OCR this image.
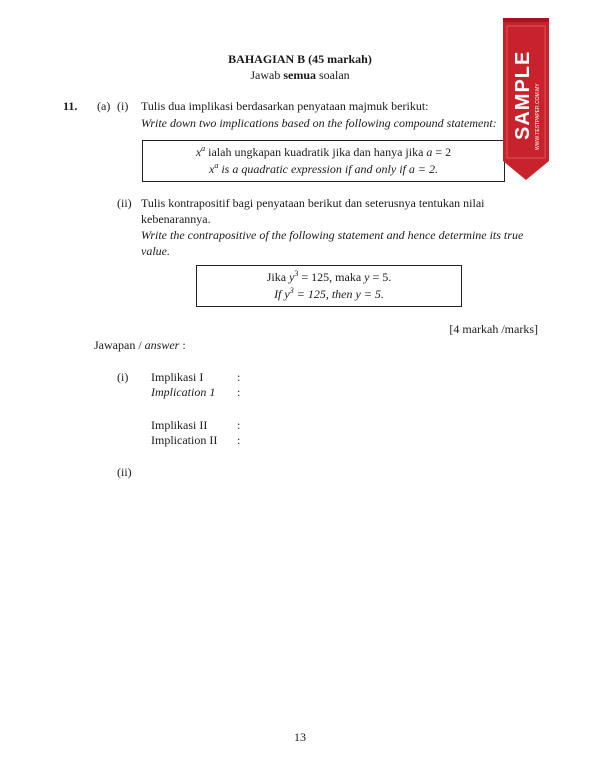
BAHAGIAN B (45 markah)
Jawab semua soalan
11. (a) (i) Tulis dua implikasi berdasarkan penyataan majmuk berikut:
Write down two implications based on the following compound statement:
$x^a$ ialah ungkapan kuadratik jika dan hanya jika a = 2
$x^a$ is a quadratic expression if and only if a = 2.
(ii) Tulis kontrapositif bagi penyataan berikut dan seterusnya tentukan nilai
kebenarannya.
Write the contrapositive of the following statement and hence determine its true
value.
Jika $y^3 = 125$, maka y = 5.
If $y^3 = 125$, then y = 5.
[4 markah /marks]
Jawapan / answer :
(i) Implikasi I	:
Implication 1 :
Implikasi II :
Implication II :
(ii)
13
SAMPLE WWW.TESTPAPER.COM.MY
